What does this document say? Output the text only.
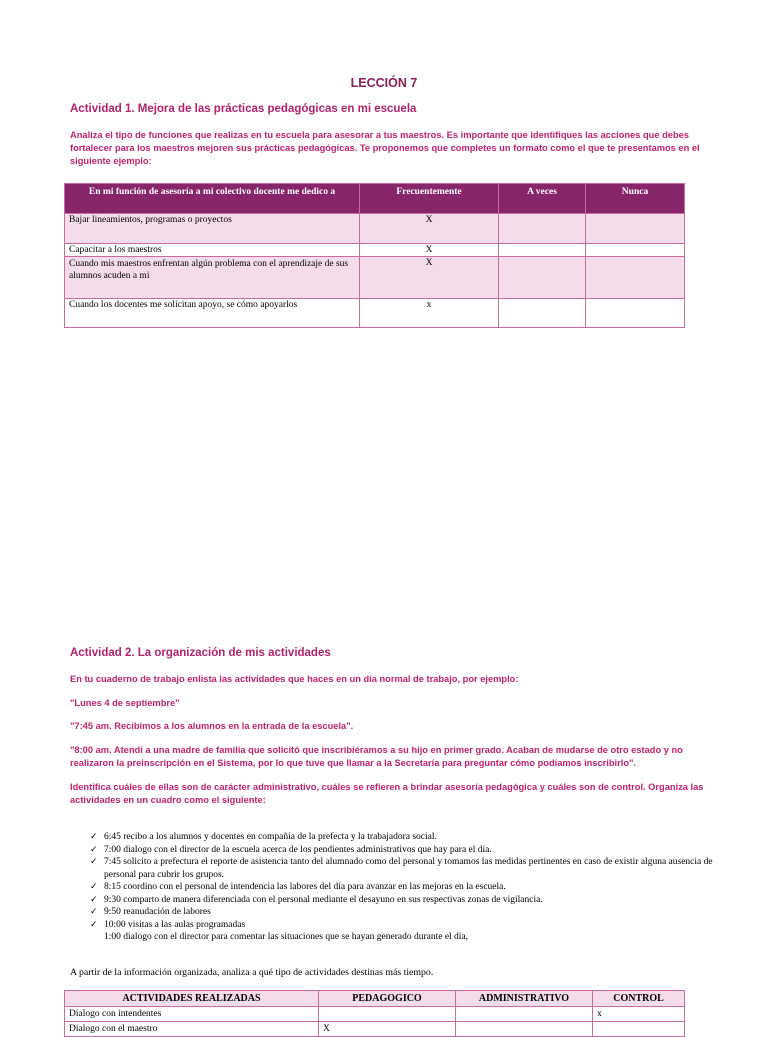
LECCIÓN 7
Actividad 1. Mejora de las prácticas pedagógicas en mi escuela
Analiza el tipo de funciones que realizas en tu escuela para asesorar a tus maestros. Es importante que identifiques las acciones que debes fortalecer para los maestros mejoren sus prácticas pedagógicas. Te proponemos que completes un formato como el que te presentamos en el siguiente ejemplo:
En mi función de asesoría a mi colectivo docente me dedico a	Frecuentemente	A veces	Nunca
Bajar lineamientos, programas o proyectos	X		
Capacitar a los maestros	X		
Cuando mis maestros enfrentan algún problema con el aprendizaje de sus alumnos acuden a mi	X		
Cuando los docentes me solicitan apoyo, se cómo apoyarlos	x		
Actividad 2. La organización de mis actividades
En tu cuaderno de trabajo enlista las actividades que haces en un día normal de trabajo, por ejemplo:
"Lunes 4 de septiembre"
"7:45 am. Recibimos a los alumnos en la entrada de la escuela".
"8:00 am. Atendí a una madre de familia que solicitó que inscribiéramos a su hijo en primer grado. Acaban de mudarse de otro estado y no realizaron la preinscripción en el Sistema, por lo que tuve que llamar a la Secretaría para preguntar cómo podíamos inscribirlo".
Identifica cuáles de ellas son de carácter administrativo, cuáles se refieren a brindar asesoría pedagógica y cuáles son de control. Organiza las actividades en un cuadro como el siguiente:
✓ 6:45 recibo a los alumnos y docentes en compañía de la prefecta y la trabajadora social.
✓ 7:00 dialogo con el director de la escuela acerca de los pendientes administrativos que hay para el día.
✓ 7:45 solicito a prefectura el reporte de asistencia tanto del alumnado como del personal y tomamos las medidas pertinentes en caso de existir alguna ausencia de personal para cubrir los grupos.
✓ 8:15 coordino con el personal de intendencia las labores del día para avanzar en las mejoras en la escuela.
✓ 9:30 comparto de manera diferenciada con el personal mediante el desayuno en sus respectivas zonas de vigilancia.
✓ 9:50 reanudación de labores
✓ 10:00 visitas a las aulas programadas
1:00 dialogo con el director para comentar las situaciones que se hayan generado durante el día,
A partir de la información organizada, analiza a qué tipo de actividades destinas más tiempo.
ACTIVIDADES REALIZADAS	PEDAGOGICO	ADMINISTRATIVO	CONTROL
Dialogo con intendentes			x
Dialogo con el maestro	X		
